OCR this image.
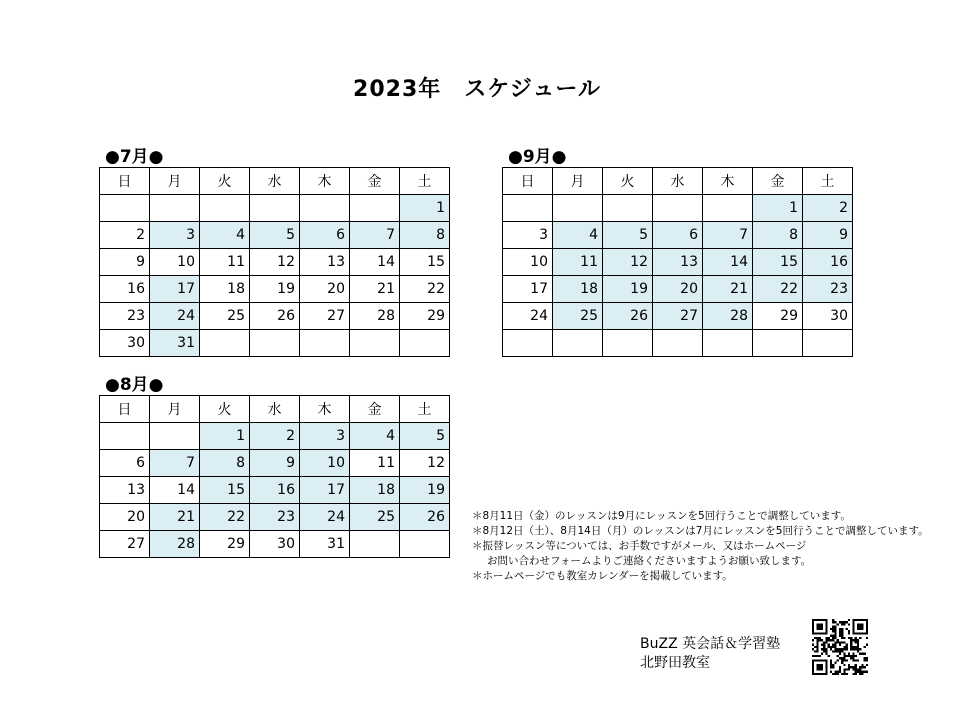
2023年　スケジュール
●7月●
日	月	火	水	木	金	土
						1
2	3	4	5	6	7	8
9	10	11	12	13	14	15
16	17	18	19	20	21	22
23	24	25	26	27	28	29
30	31					
●8月●
日	月	火	水	木	金	土
		1	2	3	4	5
6	7	8	9	10	11	12
13	14	15	16	17	18	19
20	21	22	23	24	25	26
27	28	29	30	31		
●9月●
日	月	火	水	木	金	土
					1	2
3	4	5	6	7	8	9
10	11	12	13	14	15	16
17	18	19	20	21	22	23
24	25	26	27	28	29	30

＊8月11日（金）のレッスンは9月にレッスンを5回行うことで調整しています。
＊8月12日（土）、8月14日（月）のレッスンは7月にレッスンを5回行うことで調整しています。
＊振替レッスン等については、お手数ですがメール、又はホームページ
お問い合わせフォームよりご連絡くださいますようお願い致します。
＊ホームページでも教室カレンダーを掲載しています。
BuZZ 英会話＆学習塾
北野田教室
